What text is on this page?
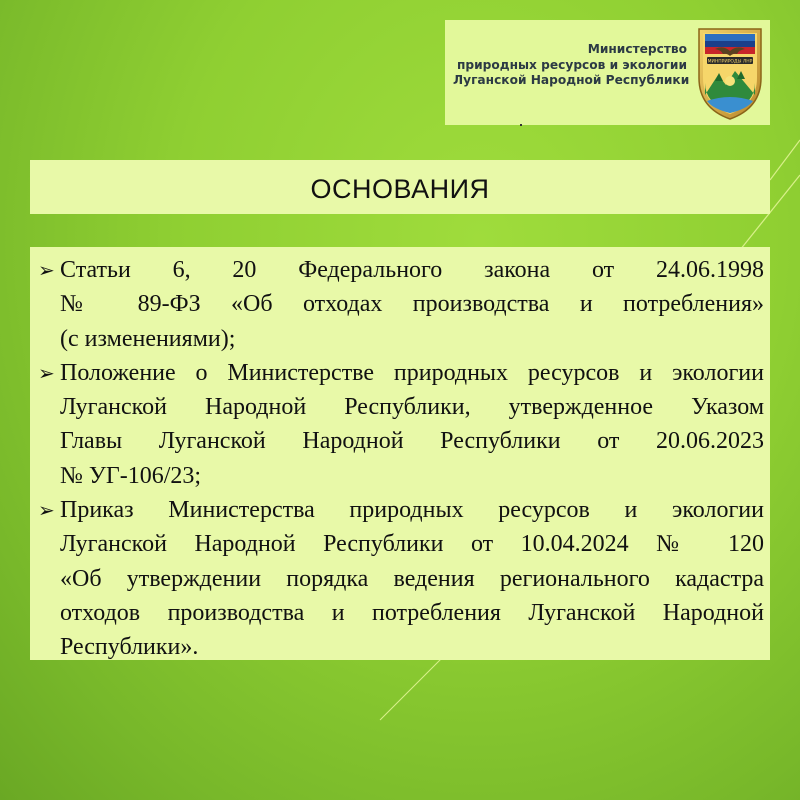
Министерство
природных ресурсов и экологии
Луганской Народной Республики
МИНПРИРОДЫ ЛНР
ОСНОВАНИЯ
➢ Статьи 6, 20 Федерального закона от 24.06.1998
№ 89-ФЗ «Об отходах производства и потребления»
(с изменениями);
➢ Положение о Министерстве природных ресурсов и экологии
Луганской Народной Республики, утвержденное Указом
Главы Луганской Народной Республики от 20.06.2023
№ УГ-106/23;
➢ Приказ Министерства природных ресурсов и экологии
Луганской Народной Республики от 10.04.2024 № 120
«Об утверждении порядка ведения регионального кадастра
отходов производства и потребления Луганской Народной
Республики».
